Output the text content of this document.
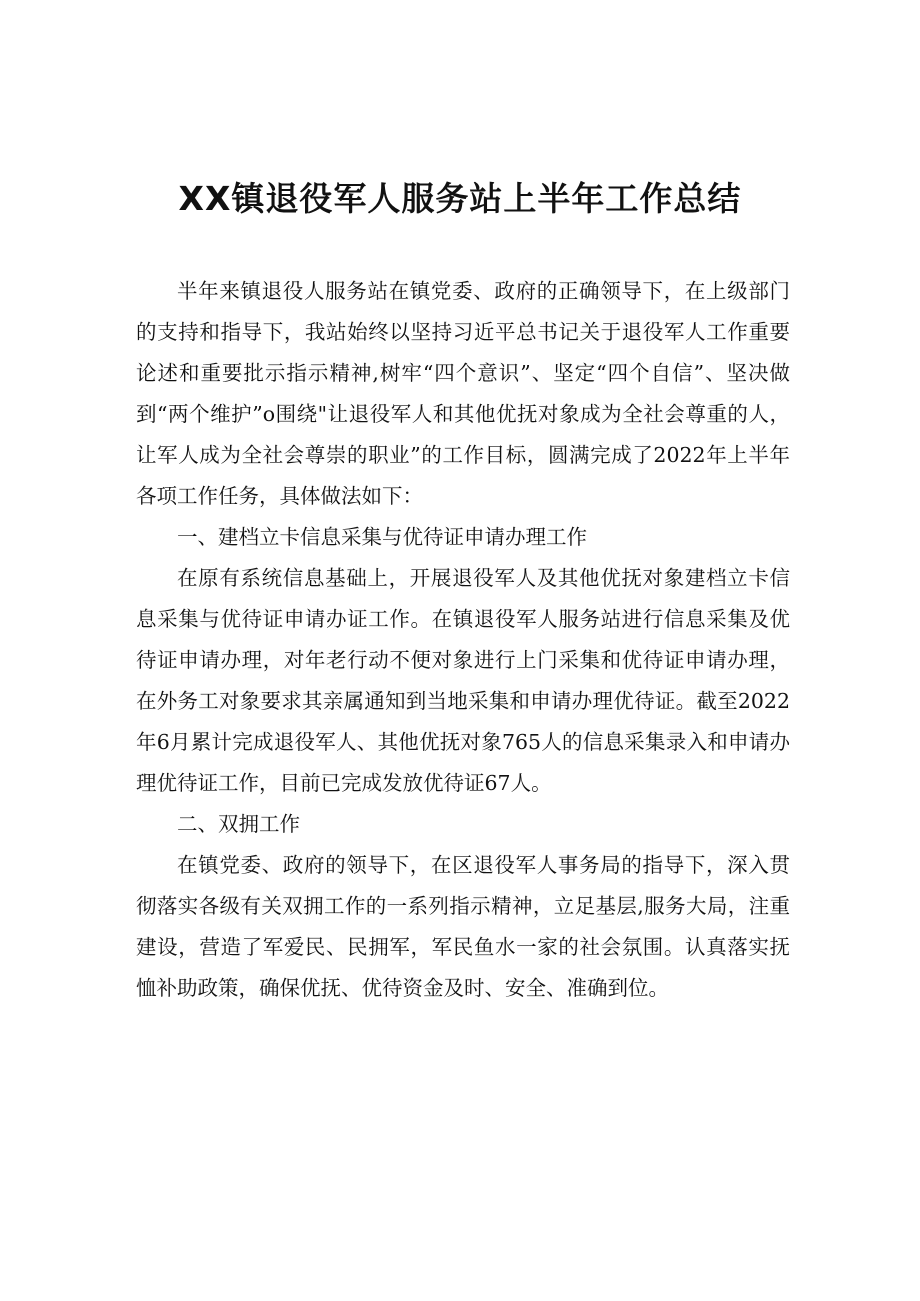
XX镇退役军人服务站上半年工作总结

半年来镇退役人服务站在镇党委、政府的正确领导下，在上级部门的支持和指导下，我站始终以坚持习近平总书记关于退役军人工作重要论述和重要批示指示精神,树牢“四个意识”、坚定“四个自信”、坚决做到“两个维护”o围绕"让退役军人和其他优抚对象成为全社会尊重的人，让军人成为全社会尊崇的职业”的工作目标，圆满完成了2022年上半年各项工作任务，具体做法如下：

一、建档立卡信息采集与优待证申请办理工作

在原有系统信息基础上，开展退役军人及其他优抚对象建档立卡信息采集与优待证申请办证工作。在镇退役军人服务站进行信息采集及优待证申请办理，对年老行动不便对象进行上门采集和优待证申请办理，在外务工对象要求其亲属通知到当地采集和申请办理优待证。截至2022年6月累计完成退役军人、其他优抚对象765人的信息采集录入和申请办理优待证工作，目前已完成发放优待证67人。

二、双拥工作

在镇党委、政府的领导下，在区退役军人事务局的指导下，深入贯彻落实各级有关双拥工作的一系列指示精神，立足基层,服务大局，注重建设，营造了军爱民、民拥军，军民鱼水一家的社会氛围。认真落实抚恤补助政策，确保优抚、优待资金及时、安全、准确到位。
